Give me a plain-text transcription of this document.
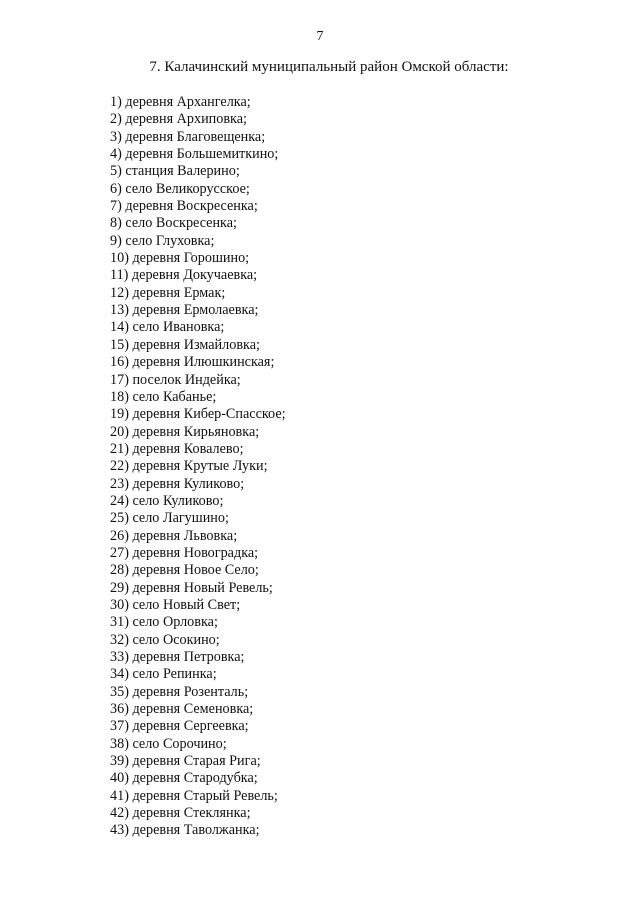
7
7. Калачинский муниципальный район Омской области:
1) деревня Архангелка;
2) деревня Архиповка;
3) деревня Благовещенка;
4) деревня Большемиткино;
5) станция Валерино;
6) село Великорусское;
7) деревня Воскресенка;
8) село Воскресенка;
9) село Глуховка;
10) деревня Горошино;
11) деревня Докучаевка;
12) деревня Ермак;
13) деревня Ермолаевка;
14) село Ивановка;
15) деревня Измайловка;
16) деревня Илюшкинская;
17) поселок Индейка;
18) село Кабанье;
19) деревня Кибер-Спасское;
20) деревня Кирьяновка;
21) деревня Ковалево;
22) деревня Крутые Луки;
23) деревня Куликово;
24) село Куликово;
25) село Лагушино;
26) деревня Львовка;
27) деревня Новоградка;
28) деревня Новое Село;
29) деревня Новый Ревель;
30) село Новый Свет;
31) село Орловка;
32) село Осокино;
33) деревня Петровка;
34) село Репинка;
35) деревня Розенталь;
36) деревня Семеновка;
37) деревня Сергеевка;
38) село Сорочино;
39) деревня Старая Рига;
40) деревня Стародубка;
41) деревня Старый Ревель;
42) деревня Стеклянка;
43) деревня Таволжанка;
